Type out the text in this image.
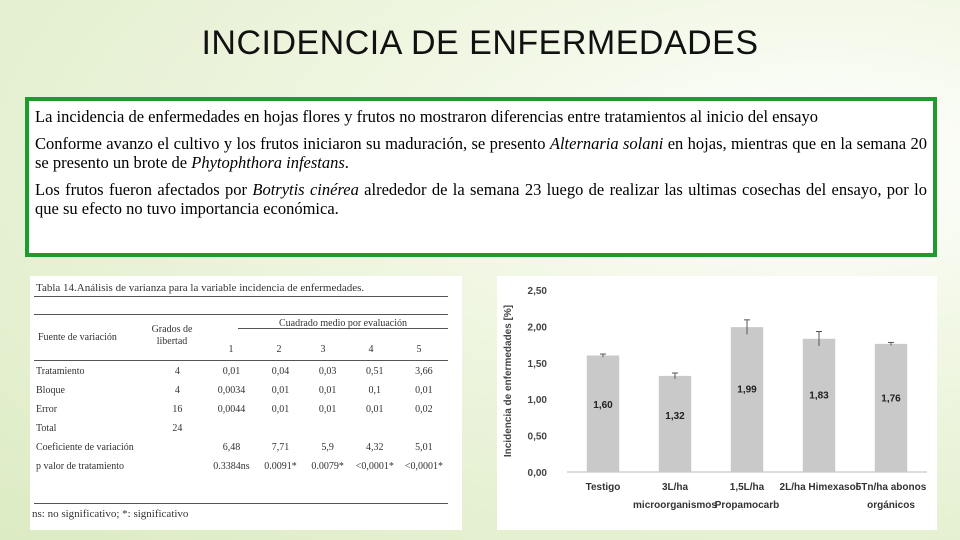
INCIDENCIA DE ENFERMEDADES

La incidencia de enfermedades en hojas flores y frutos no mostraron diferencias entre tratamientos al inicio del ensayo

Conforme avanzo el cultivo y los frutos iniciaron su maduración, se presento Alternaria solani en hojas, mientras que en la semana 20 se presento un brote de Phytophthora infestans.

Los frutos fueron afectados por Botrytis cinérea alrededor de la semana 23 luego de realizar las ultimas cosechas del ensayo, por lo que su efecto no tuvo importancia económica.

Tabla 14.Análisis de varianza para la variable incidencia de enfermedades.
Fuente de variación
Grados de
libertad
Cuadrado medio por evaluación
1	2	3	4	5
Tratamiento	4	0,01	0,04	0,03	0,51	3,66
Bloque	4	0,0034	0,01	0,01	0,1	0,01
Error	16	0,0044	0,01	0,01	0,01	0,02
Total	24					
Coeficiente de variación		6,48	7,71	5,9	4,32	5,01
p valor de tratamiento		0.3384ns	0.0091*	0.0079*	<0,0001*	<0,0001*
ns: no significativo; *: significativo
Incidencia de enfermedades [%]
0,00
0,50
1,00
1,50
2,00
2,50
1,60
Testigo
1,32
3L/ha
microorganismos
1,99
1,5L/ha
Propamocarb
1,83
2L/ha Himexasol
1,76
5Tn/ha abonos
orgánicos
